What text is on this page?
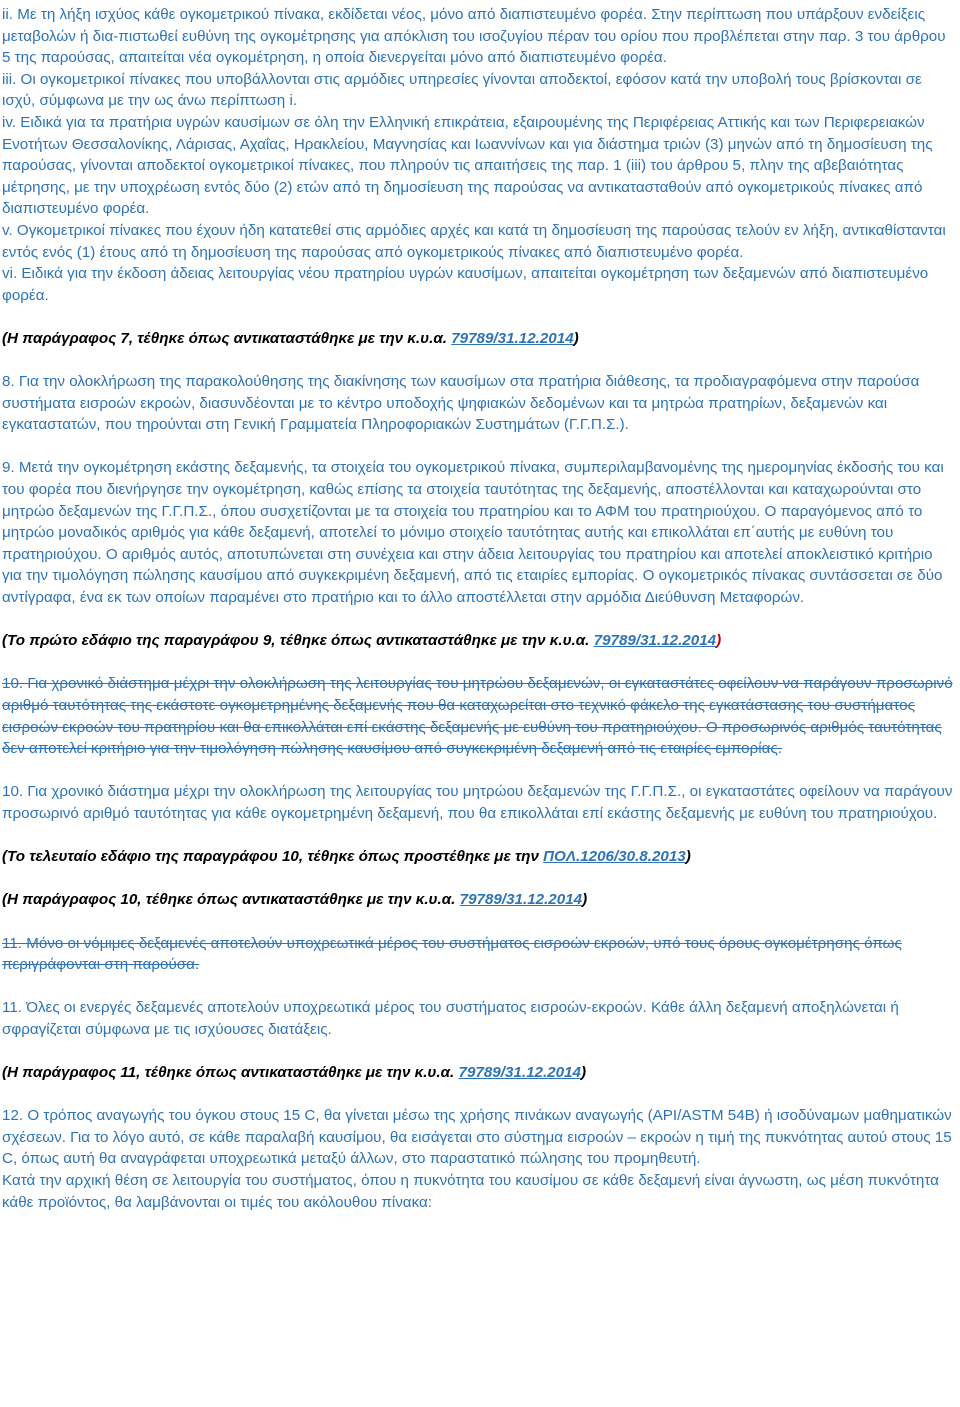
ii. Με τη λήξη ισχύος κάθε ογκομετρικού πίνακα, εκδίδεται νέος, μόνο από διαπιστευμένο φορέα. Στην περίπτωση που υπάρξουν ενδείξεις μεταβολών ή δια-πιστωθεί ευθύνη της ογκομέτρησης για απόκλιση του ισοζυγίου πέραν του ορίου που προβλέπεται στην παρ. 3 του άρθρου 5 της παρούσας, απαιτείται νέα ογκομέτρηση, η οποία διενεργείται μόνο από διαπιστευμένο φορέα.

iii. Οι ογκομετρικοί πίνακες που υποβάλλονται στις αρμόδιες υπηρεσίες γίνονται αποδεκτοί, εφόσον κατά την υποβολή τους βρίσκονται σε ισχύ, σύμφωνα με την ως άνω περίπτωση i.

iv. Ειδικά για τα πρατήρια υγρών καυσίμων σε όλη την Ελληνική επικράτεια, εξαιρουμένης της Περιφέρειας Αττικής και των Περιφερειακών Ενοτήτων Θεσσαλονίκης, Λάρισας, Αχαΐας, Ηρακλείου, Μαγνησίας και Ιωαννίνων και για διάστημα τριών (3) μηνών από τη δημοσίευση της παρούσας, γίνονται αποδεκτοί ογκομετρικοί πίνακες, που πληρούν τις απαιτήσεις της παρ. 1 (iii) του άρθρου 5, πλην της αβεβαιότητας μέτρησης, με την υποχρέωση εντός δύο (2) ετών από τη δημοσίευση της παρούσας να αντικατασταθούν από ογκομετρικούς πίνακες από διαπιστευμένο φορέα.

v. Ογκομετρικοί πίνακες που έχουν ήδη κατατεθεί στις αρμόδιες αρχές και κατά τη δημοσίευση της παρούσας τελούν εν λήξη, αντικαθίστανται εντός ενός (1) έτους από τη δημοσίευση της παρούσας από ογκομετρικούς πίνακες από διαπιστευμένο φορέα.

vi. Ειδικά για την έκδοση άδειας λειτουργίας νέου πρατηρίου υγρών καυσίμων, απαιτείται ογκομέτρηση των δεξαμενών από διαπιστευμένο φορέα.

(Η παράγραφος 7, τέθηκε όπως αντικαταστάθηκε με την κ.υ.α. 79789/31.12.2014)

8. Για την ολοκλήρωση της παρακολούθησης της διακίνησης των καυσίμων στα πρατήρια διάθεσης, τα προδιαγραφόμενα στην παρούσα συστήματα εισροών εκροών, διασυνδέονται με το κέντρο υποδοχής ψηφιακών δεδομένων και τα μητρώα πρατηρίων, δεξαμενών και εγκαταστατών, που τηρούνται στη Γενική Γραμματεία Πληροφοριακών Συστημάτων (Γ.Γ.Π.Σ.).

9. Μετά την ογκομέτρηση εκάστης δεξαμενής, τα στοιχεία του ογκομετρικού πίνακα, συμπεριλαμβανομένης της ημερομηνίας έκδοσής του και του φορέα που διενήργησε την ογκομέτρηση, καθώς επίσης τα στοιχεία ταυτότητας της δεξαμενής, αποστέλλονται και καταχωρούνται στο μητρώο δεξαμενών της Γ.Γ.Π.Σ., όπου συσχετίζονται με τα στοιχεία του πρατηρίου και το ΑΦΜ του πρατηριούχου. Ο παραγόμενος από το μητρώο μοναδικός αριθμός για κάθε δεξαμενή, αποτελεί το μόνιμο στοιχείο ταυτότητας αυτής και επικολλάται επ΄αυτής με ευθύνη του πρατηριούχου. Ο αριθμός αυτός, αποτυπώνεται στη συνέχεια και στην άδεια λειτουργίας του πρατηρίου και αποτελεί αποκλειστικό κριτήριο για την τιμολόγηση πώλησης καυσίμου από συγκεκριμένη δεξαμενή, από τις εταιρίες εμπορίας. Ο ογκομετρικός πίνακας συντάσσεται σε δύο αντίγραφα, ένα εκ των οποίων παραμένει στο πρατήριο και το άλλο αποστέλλεται στην αρμόδια Διεύθυνση Μεταφορών.

(Το πρώτο εδάφιο της παραγράφου 9, τέθηκε όπως αντικαταστάθηκε με την κ.υ.α. 79789/31.12.2014)

10. Για χρονικό διάστημα μέχρι την ολοκλήρωση της λειτουργίας του μητρώου δεξαμενών, οι εγκαταστάτες οφείλουν να παράγουν προσωρινό αριθμό ταυτότητας της εκάστοτε ογκομετρημένης δεξαμενής που θα καταχωρείται στο τεχνικό φάκελο της εγκατάστασης του συστήματος εισροών εκροών του πρατηρίου και θα επικολλάται επί εκάστης δεξαμενής με ευθύνη του πρατηριούχου. Ο προσωρινός αριθμός ταυτότητας δεν αποτελεί κριτήριο για την τιμολόγηση πώλησης καυσίμου από συγκεκριμένη δεξαμενή από τις εταιρίες εμπορίας.

10. Για χρονικό διάστημα μέχρι την ολοκλήρωση της λειτουργίας του μητρώου δεξαμενών της Γ.Γ.Π.Σ., οι εγκαταστάτες οφείλουν να παράγουν προσωρινό αριθμό ταυτότητας για κάθε ογκομετρημένη δεξαμενή, που θα επικολλάται επί εκάστης δεξαμενής με ευθύνη του πρατηριούχου.

(Το τελευταίο εδάφιο της παραγράφου 10, τέθηκε όπως προστέθηκε με την ΠΟΛ.1206/30.8.2013)

(Η παράγραφος 10, τέθηκε όπως αντικαταστάθηκε με την κ.υ.α. 79789/31.12.2014)

11. Μόνο οι νόμιμες δεξαμενές αποτελούν υποχρεωτικά μέρος του συστήματος εισροών εκροών, υπό τους όρους ογκομέτρησης όπως περιγράφονται στη παρούσα.

11. Όλες οι ενεργές δεξαμενές αποτελούν υποχρεωτικά μέρος του συστήματος εισροών-εκροών. Κάθε άλλη δεξαμενή αποξηλώνεται ή σφραγίζεται σύμφωνα με τις ισχύουσες διατάξεις.

(Η παράγραφος 11, τέθηκε όπως αντικαταστάθηκε με την κ.υ.α. 79789/31.12.2014)

12. Ο τρόπος αναγωγής του όγκου στους 15 C, θα γίνεται μέσω της χρήσης πινάκων αναγωγής (API/ASTM 54B) ή ισοδύναμων μαθηματικών σχέσεων. Για το λόγο αυτό, σε κάθε παραλαβή καυσίμου, θα εισάγεται στο σύστημα εισροών – εκροών η τιμή της πυκνότητας αυτού στους 15 C, όπως αυτή θα αναγράφεται υποχρεωτικά μεταξύ άλλων, στο παραστατικό πώλησης του προμηθευτή.

Κατά την αρχική θέση σε λειτουργία του συστήματος, όπου η πυκνότητα του καυσίμου σε κάθε δεξαμενή είναι άγνωστη, ως μέση πυκνότητα κάθε προϊόντος, θα λαμβάνονται οι τιμές του ακόλουθου πίνακα:
